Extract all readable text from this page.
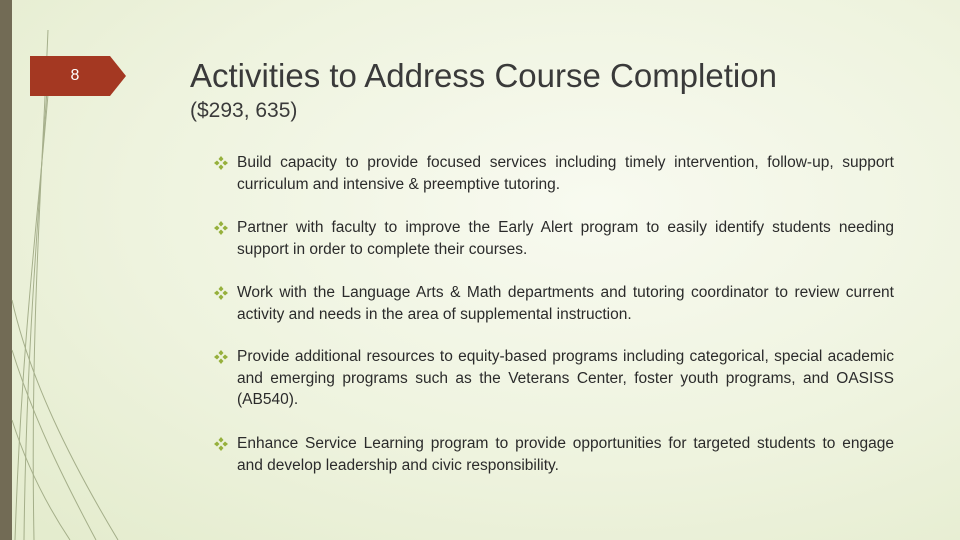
8	Activities to Address Course Completion
($293, 635)
Build capacity to provide focused services including timely intervention, follow-up, support curriculum and intensive & preemptive tutoring.
Partner with faculty to improve the Early Alert program to easily identify students needing support in order to complete their courses.
Work with the Language Arts & Math departments and tutoring coordinator to review current activity and needs in the area of supplemental instruction.
Provide additional resources to equity-based programs including categorical, special academic and emerging programs such as the Veterans Center, foster youth programs, and OASISS (AB540).
Enhance Service Learning program to provide opportunities for targeted students to engage and develop leadership and civic responsibility.
